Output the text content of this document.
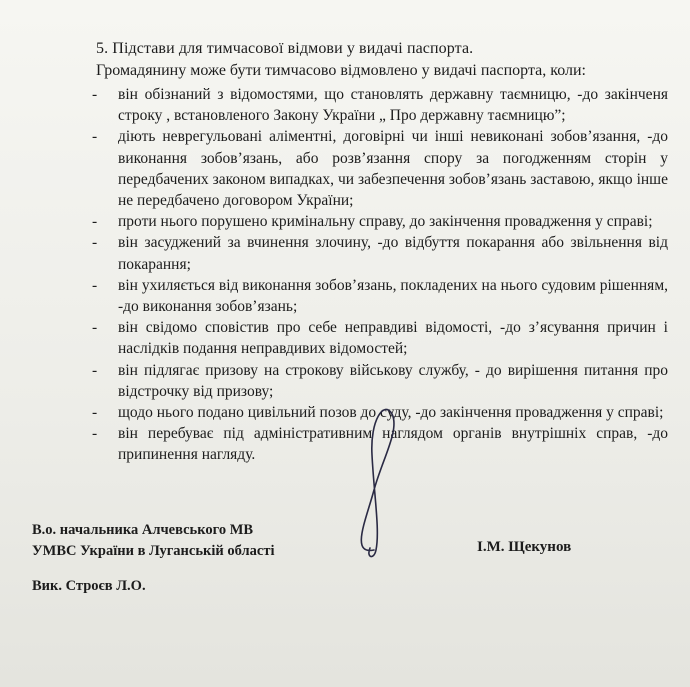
5. Підстави для тимчасової відмови у видачі паспорта.
Громадянину може бути тимчасово відмовлено у видачі паспорта, коли:
- він обізнаний з відомостями, що становлять державну таємницю, -до закінченя строку , встановленого Закону України „ Про державну таємницю”;
- діють неврегульовані аліментні, договірні чи інші невиконані зобов’язання, -до виконання зобов’язань, або розв’язання спору за погодженням сторін у передбачених законом випадках, чи забезпечення зобов’язань заставою, якщо інше не передбачено договором України;
- проти нього порушено кримінальну справу, до закінчення провадження у справі;
- він засуджений за вчинення злочину, -до відбуття покарання або звільнення від покарання;
- він ухиляється від виконання зобов’язань, покладених на нього судовим рішенням, -до виконання зобов’язань;
- він свідомо сповістив про себе неправдиві відомості, -до з’ясування причин і наслідків подання неправдивих відомостей;
- він підлягає призову на строкову військову службу, - до вирішення питання про відстрочку від призову;
- щодо нього подано цивільний позов до суду, -до закінчення провадження у справі;
- він перебуває під адміністративним наглядом органів внутрішніх справ, -до припинення нагляду.
В.о. начальника Алчевського МВ
УМВС України в Луганській області	І.М. Щекунов
Вик. Строєв Л.О.
